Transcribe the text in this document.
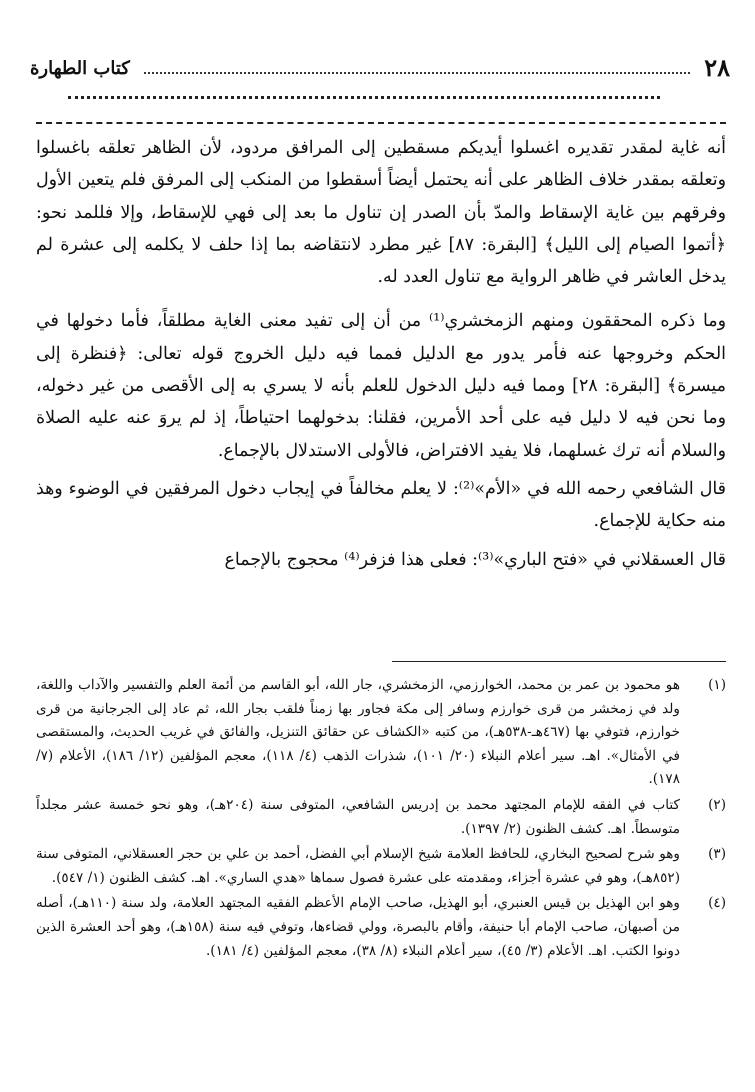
٢٨
كتاب الطهارة

أنه غاية لمقدر تقديره اغسلوا أيديكم مسقطين إلى المرافق مردود، لأن الظاهر تعلقه باغسلوا وتعلقه بمقدر خلاف الظاهر على أنه يحتمل أيضاً أسقطوا من المنكب إلى المرفق فلم يتعين الأول وفرقهم بين غاية الإسقاط والمدّ بأن الصدر إن تناول ما بعد إلى فهي للإسقاط، وإلا فللمد نحو: ﴿أتموا الصيام إلى الليل﴾ [البقرة: ٨٧] غير مطرد لانتقاضه بما إذا حلف لا يكلمه إلى عشرة لم يدخل العاشر في ظاهر الرواية مع تناول العدد له.

وما ذكره المحققون ومنهم الزمخشري⁽¹⁾ من أن إلى تفيد معنى الغاية مطلقاً، فأما دخولها في الحكم وخروجها عنه فأمر يدور مع الدليل فمما فيه دليل الخروج قوله تعالى: ﴿فنظرة إلى ميسرة﴾ [البقرة: ٢٨] ومما فيه دليل الدخول للعلم بأنه لا يسري به إلى الأقصى من غير دخوله، وما نحن فيه لا دليل فيه على أحد الأمرين، فقلنا: بدخولهما احتياطاً، إذ لم يروَ عنه عليه الصلاة والسلام أنه ترك غسلهما، فلا يفيد الافتراض، فالأولى الاستدلال بالإجماع.

قال الشافعي رحمه الله في «الأم»⁽²⁾: لا يعلم مخالفاً في إيجاب دخول المرفقين في الوضوء وهذ منه حكاية للإجماع.

قال العسقلاني في «فتح الباري»⁽³⁾: فعلى هذا فزفر⁽⁴⁾ محجوج بالإجماع

(١)
هو محمود بن عمر بن محمد، الخوارزمي، الزمخشري، جار الله، أبو القاسم من أئمة العلم والتفسير والآداب واللغة، ولد في زمخشر من قرى خوارزم وسافر إلى مكة فجاور بها زمناً فلقب بجار الله، ثم عاد إلى الجرجانية من قرى خوارزم، فتوفي بها (٤٦٧هـ-٥٣٨هـ)، من كتبه «الكشاف عن حقائق التنزيل، والفائق في غريب الحديث، والمستقصى في الأمثال». اهـ. سير أعلام النبلاء (٢٠/ ١٠١)، شذرات الذهب (٤/ ١١٨)، معجم المؤلفين (١٢/ ١٨٦)، الأعلام (٧/ ١٧٨).
(٢)
كتاب في الفقه للإمام المجتهد محمد بن إدريس الشافعي، المتوفى سنة (٢٠٤هـ)، وهو نحو خمسة عشر مجلداً متوسطاً. اهـ. كشف الظنون (٢/ ١٣٩٧).
(٣)
وهو شرح لصحيح البخاري، للحافظ العلامة شيخ الإسلام أبي الفضل، أحمد بن علي بن حجر العسقلاني، المتوفى سنة (٨٥٢هـ)، وهو في عشرة أجزاء، ومقدمته على عشرة فصول سماها «هدي الساري». اهـ. كشف الظنون (١/ ٥٤٧).
(٤)
وهو ابن الهذيل بن قيس العنبري، أبو الهذيل، صاحب الإمام الأعظم الفقيه المجتهد العلامة، ولد سنة (١١٠هـ)، أصله من أصبهان، صاحب الإمام أبا حنيفة، وأقام بالبصرة، وولي قضاءها، وتوفي فيه سنة (١٥٨هـ)، وهو أحد العشرة الذين دونوا الكتب. اهـ. الأعلام (٣/ ٤٥)، سير أعلام النبلاء (٨/ ٣٨)، معجم المؤلفين (٤/ ١٨١).
